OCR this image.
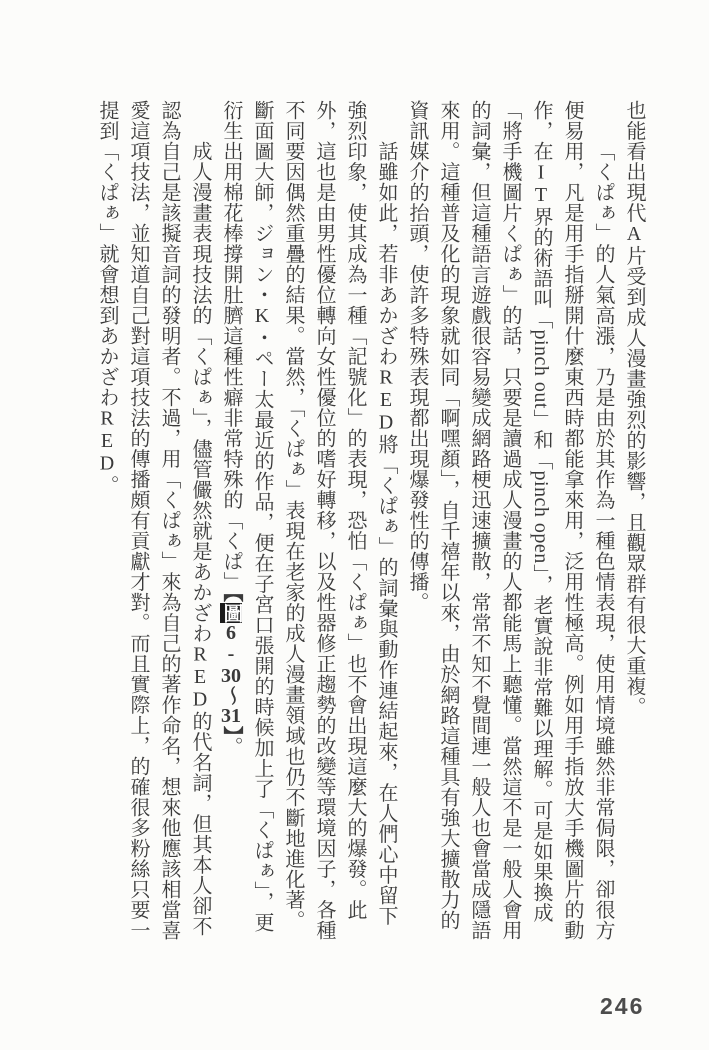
也能看出現代A片受到成人漫畫強烈的影響，且觀眾群有很大重複。

「くぱぁ」的人氣高漲，乃是由於其作為一種色情表現，使用情境雖然非常侷限，卻很方便易用，凡是用手指掰開什麼東西時都能拿來用，泛用性極高。例如用手指放大手機圖片的動作，在IT界的術語叫「pinch out」和「pinch open」，老實說非常難以理解。可是如果換成「將手機圖片くぱぁ」的話，只要是讀過成人漫畫的人都能馬上聽懂。當然這不是一般人會用的詞彙，但這種語言遊戲很容易變成網路梗迅速擴散，常常不知不覺間連一般人也會當成隱語來用。這種普及化的現象就如同「啊嘿顏」，自千禧年以來，由於網路這種具有強大擴散力的資訊媒介的抬頭，使許多特殊表現都出現爆發性的傳播。

話雖如此，若非あかざわRED將「くぱぁ」的詞彙與動作連結起來，在人們心中留下強烈印象，使其成為一種「記號化」的表現，恐怕「くぱぁ」也不會出現這麼大的爆發。此外，這也是由男性優位轉向女性優位的嗜好轉移，以及性器修正趨勢的改變等環境因子，各種不同要因偶然重疊的結果。當然，「くぱぁ」表現在老家的成人漫畫領域也仍不斷地進化著。斷面圖大師，ジョン・K・ペー太最近的作品，便在子宮口張開的時候加上了「くぱぁ」，更衍生出用棉花棒撐開肚臍這種性癖非常特殊的「くぱ」【圖6-30～31】。

成人漫畫表現技法的「くぱぁ」，儘管儼然就是あかざわRED的代名詞，但其本人卻不認為自己是該擬音詞的發明者。不過，用「くぱぁ」來為自己的著作命名，想來他應該相當喜愛這項技法，並知道自己對這項技法的傳播頗有貢獻才對。而且實際上，的確很多粉絲只要一提到「くぱぁ」就會想到あかざわRED。

246
